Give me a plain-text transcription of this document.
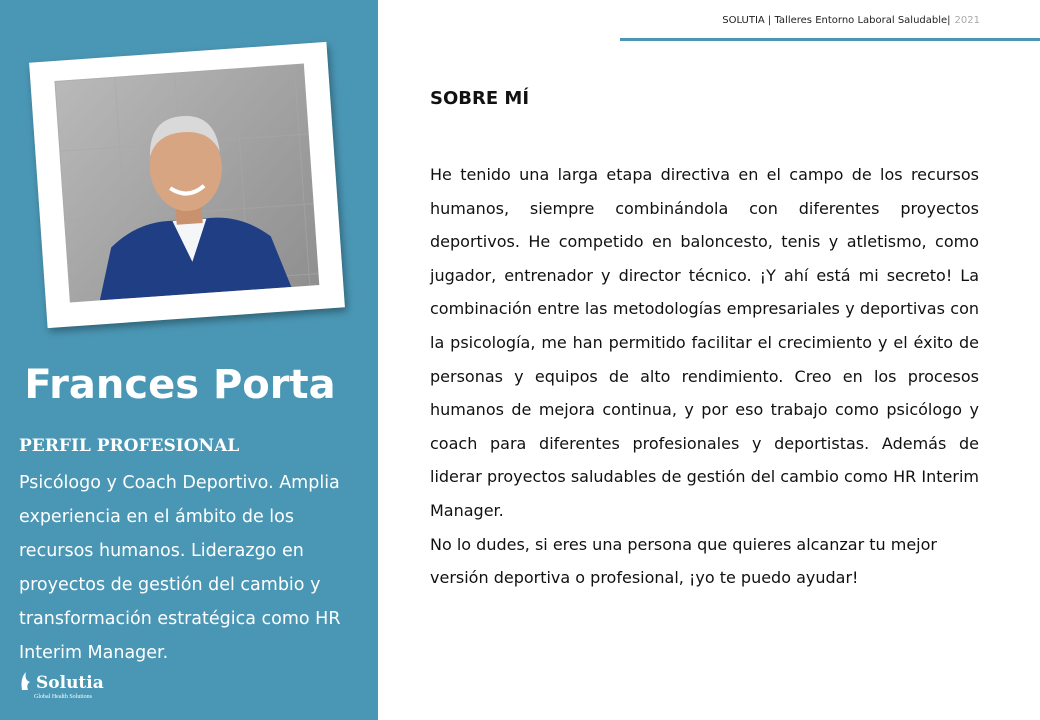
Frances Porta
PERFIL PROFESIONAL
Psicólogo y Coach Deportivo. Amplia experiencia en el ámbito de los recursos humanos. Liderazgo en proyectos de gestión del cambio y transformación estratégica como HR Interim Manager.
Solutia
Global Health Solutions
SOLUTIA | Talleres Entorno Laboral Saludable| 2021
SOBRE MÍ

He tenido una larga etapa directiva en el campo de los recursos humanos, siempre combinándola con diferentes proyectos deportivos. He competido en baloncesto, tenis y atletismo, como jugador, entrenador y director técnico. ¡Y ahí está mi secreto! La combinación entre las metodologías empresariales y deportivas con la psicología, me han permitido facilitar el crecimiento y el éxito de personas y equipos de alto rendimiento. Creo en los procesos humanos de mejora continua, y por eso trabajo como psicólogo y coach para diferentes profesionales y deportistas. Además de liderar proyectos saludables de gestión del cambio como HR Interim Manager.

No lo dudes, si eres una persona que quieres alcanzar tu mejor versión deportiva o profesional, ¡yo te puedo ayudar!
